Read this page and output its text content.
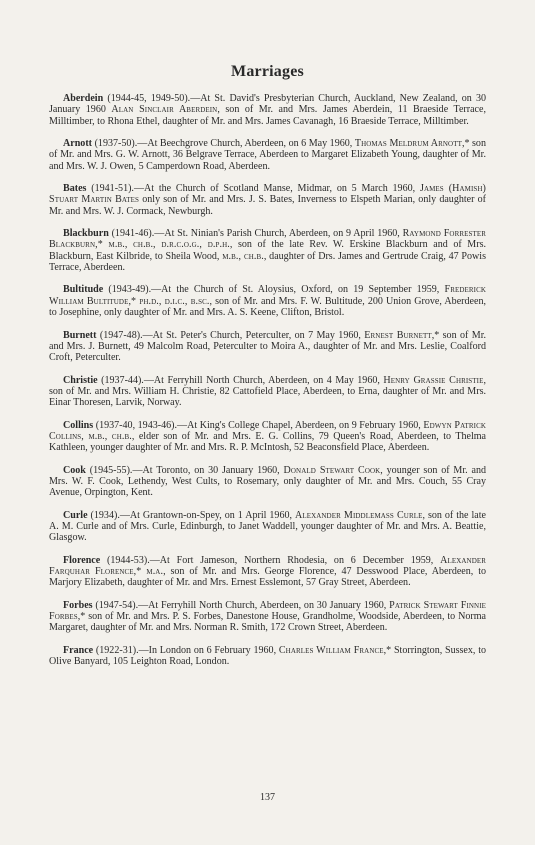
Marriages

Aberdein (1944-45, 1949-50).—At St. David's Presbyterian Church, Auckland, New Zealand, on 30 January 1960 Alan Sinclair Aberdein, son of Mr. and Mrs. James Aberdein, 11 Braeside Terrace, Milltimber, to Rhona Ethel, daughter of Mr. and Mrs. James Cavanagh, 16 Braeside Terrace, Milltimber.

Arnott (1937-50).—At Beechgrove Church, Aberdeen, on 6 May 1960, Thomas Meldrum Arnott,* son of Mr. and Mrs. G. W. Arnott, 36 Belgrave Terrace, Aberdeen to Margaret Elizabeth Young, daughter of Mr. and Mrs. W. J. Owen, 5 Camperdown Road, Aberdeen.

Bates (1941-51).—At the Church of Scotland Manse, Midmar, on 5 March 1960, James (Hamish) Stuart Martin Bates only son of Mr. and Mrs. J. S. Bates, Inverness to Elspeth Marian, only daughter of Mr. and Mrs. W. J. Cormack, Newburgh.

Blackburn (1941-46).—At St. Ninian's Parish Church, Aberdeen, on 9 April 1960, Raymond Forrester Blackburn,* m.b., ch.b., d.r.c.o.g., d.p.h., son of the late Rev. W. Erskine Blackburn and of Mrs. Blackburn, East Kilbride, to Sheila Wood, m.b., ch.b., daughter of Drs. James and Gertrude Craig, 47 Powis Terrace, Aberdeen.

Bultitude (1943-49).—At the Church of St. Aloysius, Oxford, on 19 September 1959, Frederick William Bultitude,* ph.d., d.i.c., b.sc., son of Mr. and Mrs. F. W. Bultitude, 200 Union Grove, Aberdeen, to Josephine, only daughter of Mr. and Mrs. A. S. Keene, Clifton, Bristol.

Burnett (1947-48).—At St. Peter's Church, Peterculter, on 7 May 1960, Ernest Burnett,* son of Mr. and Mrs. J. Burnett, 49 Malcolm Road, Peterculter to Moira A., daughter of Mr. and Mrs. Leslie, Coalford Croft, Peterculter.

Christie (1937-44).—At Ferryhill North Church, Aberdeen, on 4 May 1960, Henry Grassie Christie, son of Mr. and Mrs. William H. Christie, 82 Cattofield Place, Aberdeen, to Erna, daughter of Mr. and Mrs. Einar Thoresen, Larvik, Norway.

Collins (1937-40, 1943-46).—At King's College Chapel, Aberdeen, on 9 February 1960, Edwyn Patrick Collins, m.b., ch.b., elder son of Mr. and Mrs. E. G. Collins, 79 Queen's Road, Aberdeen, to Thelma Kathleen, younger daughter of Mr. and Mrs. R. P. McIntosh, 52 Beaconsfield Place, Aberdeen.

Cook (1945-55).—At Toronto, on 30 January 1960, Donald Stewart Cook, younger son of Mr. and Mrs. W. F. Cook, Lethendy, West Cults, to Rosemary, only daughter of Mr. and Mrs. Couch, 55 Cray Avenue, Orpington, Kent.

Curle (1934).—At Grantown-on-Spey, on 1 April 1960, Alexander Middlemass Curle, son of the late A. M. Curle and of Mrs. Curle, Edinburgh, to Janet Waddell, younger daughter of Mr. and Mrs. A. Beattie, Glasgow.

Florence (1944-53).—At Fort Jameson, Northern Rhodesia, on 6 December 1959, Alexander Farquhar Florence,* m.a., son of Mr. and Mrs. George Florence, 47 Desswood Place, Aberdeen, to Marjory Elizabeth, daughter of Mr. and Mrs. Ernest Esslemont, 57 Gray Street, Aberdeen.

Forbes (1947-54).—At Ferryhill North Church, Aberdeen, on 30 January 1960, Patrick Stewart Finnie Forbes,* son of Mr. and Mrs. P. S. Forbes, Danestone House, Grandholme, Woodside, Aberdeen, to Norma Margaret, daughter of Mr. and Mrs. Norman R. Smith, 172 Crown Street, Aberdeen.

France (1922-31).—In London on 6 February 1960, Charles William France,* Storrington, Sussex, to Olive Banyard, 105 Leighton Road, London.

137
